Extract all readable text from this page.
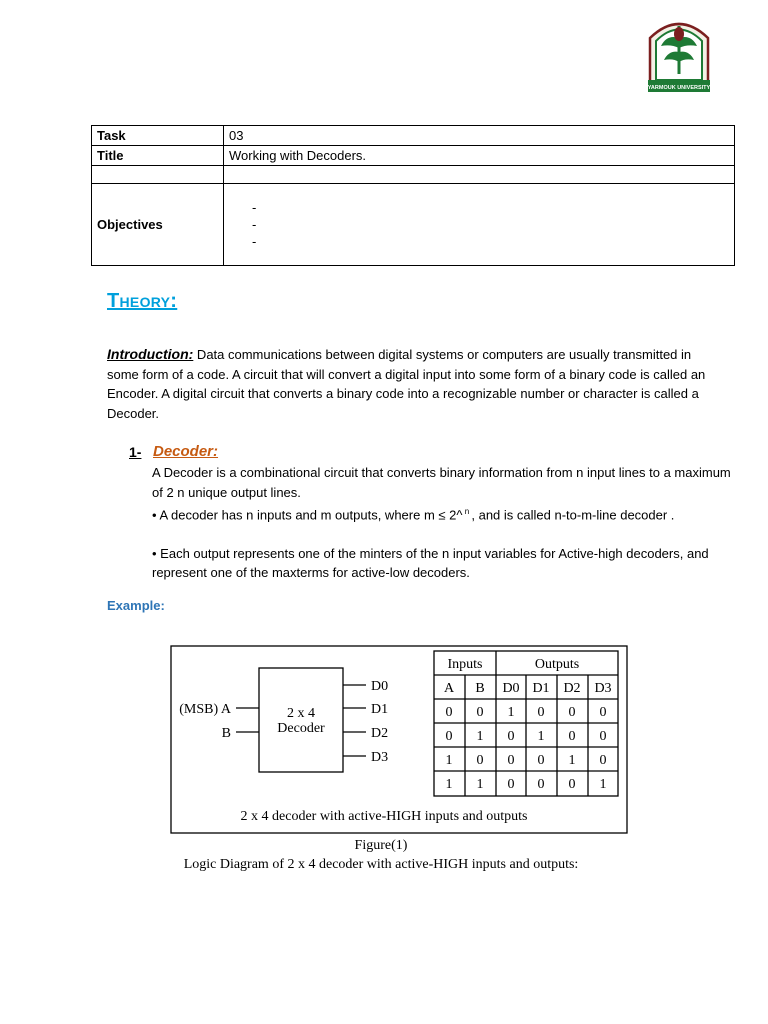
YARMOUK UNIVERSITY
Task	03
Title	Working with Decoders.

Objectives	-
-
-
Theory:
Introduction: Data communications between digital systems or computers are usually transmitted in some form of a code. A circuit that will convert a digital input into some form of a binary code is called an Encoder. A digital circuit that converts a binary code into a recognizable number or character is called a Decoder.
1- Decoder:

A Decoder is a combinational circuit that converts binary information from n input lines to a maximum of 2 n unique output lines.

• A decoder has n inputs and m outputs, where m ≤ 2^ $^n$ , and is called n-to-m-line decoder .

• Each output represents one of the minters of the n input variables for Active-high decoders, and represent one of the maxterms for active-low decoders.

Example:
2 x 4
Decoder
(MSB) A
B
D0
D1
D2
D3
Inputs	Outputs
A B D0 D1 D2 D3
0 0 1 0 0 0
0 1 0 1 0 0
1 0 0 0 1 0
1 1 0 0 0 1
2 x 4 decoder with active-HIGH inputs and outputs
Figure(1)
Logic Diagram of 2 x 4 decoder with active-HIGH inputs and outputs:
